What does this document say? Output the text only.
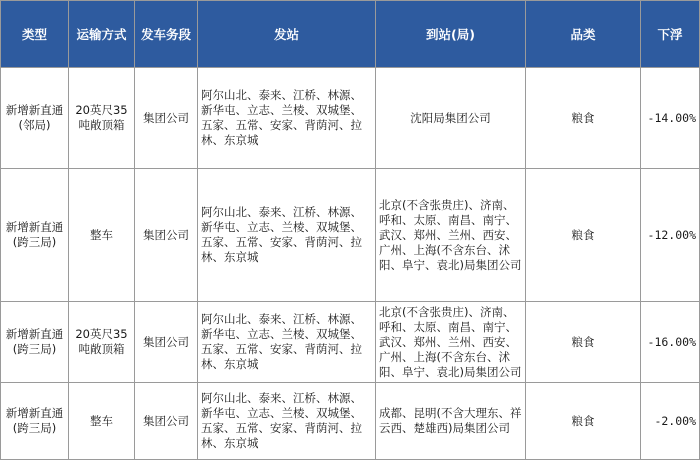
类型	运输方式	发车务段	发站	到站(局)	品类	下浮
新增新直通(邻局)	20英尺35吨敞顶箱	集团公司	阿尔山北、泰来、江桥、林源、新华屯、立志、兰棱、双城堡、五家、五常、安家、背荫河、拉林、东京城	沈阳局集团公司	粮食	-14.00%
新增新直通(跨三局)	整车	集团公司	阿尔山北、泰来、江桥、林源、新华屯、立志、兰棱、双城堡、五家、五常、安家、背荫河、拉林、东京城	北京(不含张贵庄)、济南、呼和、太原、南昌、南宁、武汉、郑州、兰州、西安、广州、上海(不含东台、沭阳、阜宁、袁北)局集团公司	粮食	-12.00%
新增新直通(跨三局)	20英尺35吨敞顶箱	集团公司	阿尔山北、泰来、江桥、林源、新华屯、立志、兰棱、双城堡、五家、五常、安家、背荫河、拉林、东京城	北京(不含张贵庄)、济南、呼和、太原、南昌、南宁、武汉、郑州、兰州、西安、广州、上海(不含东台、沭阳、阜宁、袁北)局集团公司	粮食	-16.00%
新增新直通(跨三局)	整车	集团公司	阿尔山北、泰来、江桥、林源、新华屯、立志、兰棱、双城堡、五家、五常、安家、背荫河、拉林、东京城	成都、昆明(不含大理东、祥云西、楚雄西)局集团公司	粮食	-2.00%
